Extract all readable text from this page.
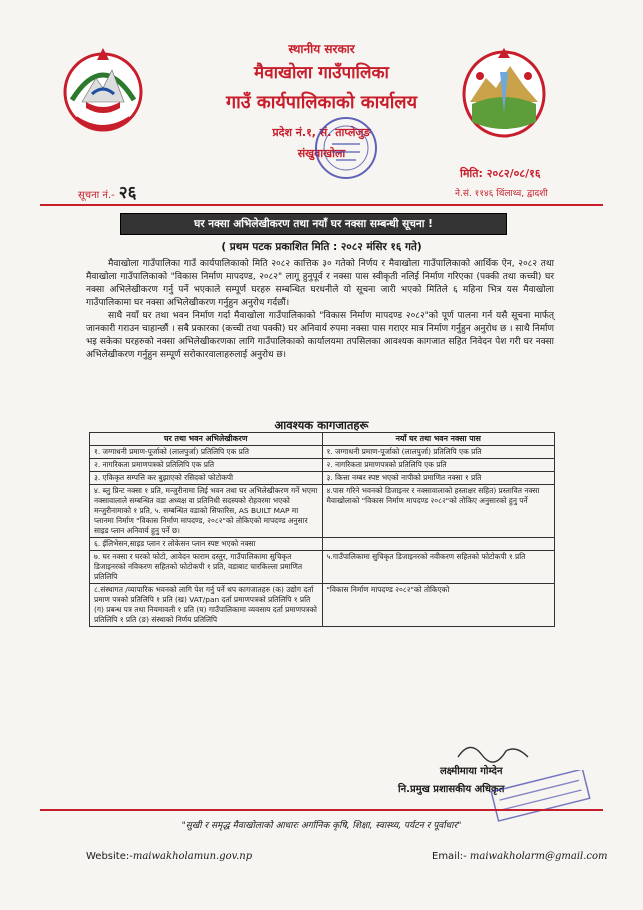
स्थानीय सरकार
मैवाखोला गाउँपालिका
गाउँ कार्यपालिकाको कार्यालय
प्रदेश नं.१, सं. ताप्लेजुङ
संखुवाखोला
मिति: २०८२/०८/१६
ने.सं. ११४६ थिंलाथ्व, द्वादशी
सूचना नं.- २६
घर नक्सा अभिलेखीकरण तथा नयाँ घर नक्सा सम्बन्धी सूचना !
( प्रथम पटक प्रकाशित मिति : २०८२ मंसिर १६ गते)

मैवाखोला गाउँपालिका गाउँ कार्यपालिकाको मिति २०८२ कात्तिक ३० गतेको निर्णय र मैवाखोला गाउँपालिकाको आर्थिक ऐन, २०८२ तथा मैवाखोला गाउँपालिकाको "विकास निर्माण मापदण्ड, २०८२" लागू हुनुपूर्व र नक्सा पास स्वीकृती नलिई निर्माण गरिएका (पक्की तथा कच्ची) घर नक्सा अभिलेखीकरण गर्नु पर्ने भएकाले सम्पूर्ण घरहरु सम्बन्धित घरधनीले यो सूचना जारी भएको मितिले ६ महिना भित्र यस मैवाखोला गाउँपालिकामा घर नक्सा अभिलेखीकरण गर्नुहुन अनुरोध गर्दछौं।

साथै नयाँ घर तथा भवन निर्माण गर्दा मैवाखोला गाउँपालिकाको "विकास निर्माण मापदण्ड २०८२"को पूर्ण पालना गर्न यसै सूचना मार्फत् जानकारी गराउन चाहान्छौं । सबै प्रकारका (कच्ची तथा पक्की) घर अनिवार्य रुपमा नक्सा पास गराएर मात्र निर्माण गर्नुहुन अनुरोध छ । साथै निर्माण भइ सकेका घरहरुको नक्सा अभिलेखीकरणका लागि गाउँपालिकाको कार्यालयमा तपसिलका आवश्यक कागजात सहित निवेदन पेश गरी घर नक्सा अभिलेखीकरण गर्नुहुन सम्पूर्ण सरोकारवालाहरुलाई अनुरोध छ।

आवश्यक कागजातहरू
घर तथा भवन अभिलेखीकरण	नयाँ घर तथा भवन नक्सा पास
१. जग्गाधनी प्रमाण-पूर्जाको (लालपुर्जा) प्रतिलिपि एक प्रति	१. जग्गाधनी प्रमाण-पूर्जाको (लालपुर्जा) प्रतिलिपि एक प्रति
२. नागरिकता प्रमाणपत्रको प्रतिलिपि एक प्रति	२. नागरिकता प्रमाणपत्रको प्रतिलिपि एक प्रति
३. एकिकृत सम्पत्ति कर बुझाएको रसिदको फोटोकपी	३. कित्ता नम्बर स्पष्ट भएको नापीको प्रमाणित नक्सा १ प्रति
४. ब्लु प्रिन्ट नक्सा १ प्रति, मन्जुरीनामा लिई भवन तथा घर अभिलेखीकरण गर्ने भएमा नक्सावालाले सम्बन्धित वडा अध्यक्ष वा प्रतिनिधी सदस्यको रोहवरमा भएको मन्जुरीनामाको १ प्रति, ५. सम्बन्धित वडाको सिफारिस, AS BUILT MAP मा प्लानमा निर्माण "विकास निर्माण मापदण्ड, २०८२"को तोकिएको मापदण्ड अनुसार साइड प्लान अनिवार्य हुनु पर्ने छ।	४.पास गरिने भवनको डिजाइनर र नक्सावालाको हस्ताक्षर सहित) प्रस्तावित नक्सा मैवाखोलाको "विकास निर्माण मापदण्ड २०८२"को तोकिए अनुसारको हुनु पर्ने
६. ईलिभेसन,साइड प्लान र लोकेसन प्लान स्पष्ट भएको नक्सा	
७. घर नक्सा र घरको फोटो, आवेदन फाराम दस्तुर, गाउँपालिकामा सुचिकृत डिजाइनरको नविकरण सहितको फोटोकपी १ प्रति, वडाबाट चारकिल्ला प्रमाणित प्रतिलिपि	५.गाउँपालिकामा सुचिकृत डिजाइनरको नवीकरण सहितको फोटोकपी १ प्रति
८.संस्थागत /व्यापारिक भवनको लागि पेश गर्नु पर्ने थप कागजातहरु (क) उद्योग दर्ता प्रमाण पत्रको प्रतिलिपि १ प्रति (ख) VAT/pan दर्ता प्रमाणपत्रको प्रतिलिपि १ प्रति (ग) प्रबन्ध पत्र तथा नियमावली १ प्रति (घ) गाउँपालिकामा व्यवसाय दर्ता प्रमाणपत्रको प्रतिलिपि १ प्रति (ङ) संस्थाको निर्णय प्रतिलिपि	"विकास निर्माण मापदण्ड २०८२"को तोकिएको
लक्ष्मीमाया गोम्देन
नि.प्रमुख प्रशासकीय अधिकृत
"सुखी र समृद्ध मैवाखोलाको आधारः अर्गानिक कृषि, शिक्षा, स्वास्थ्य, पर्यटन र पूर्वाधार"
Website:-maiwakholamun.gov.np	Email:- maiwakholarm@gmail.com
